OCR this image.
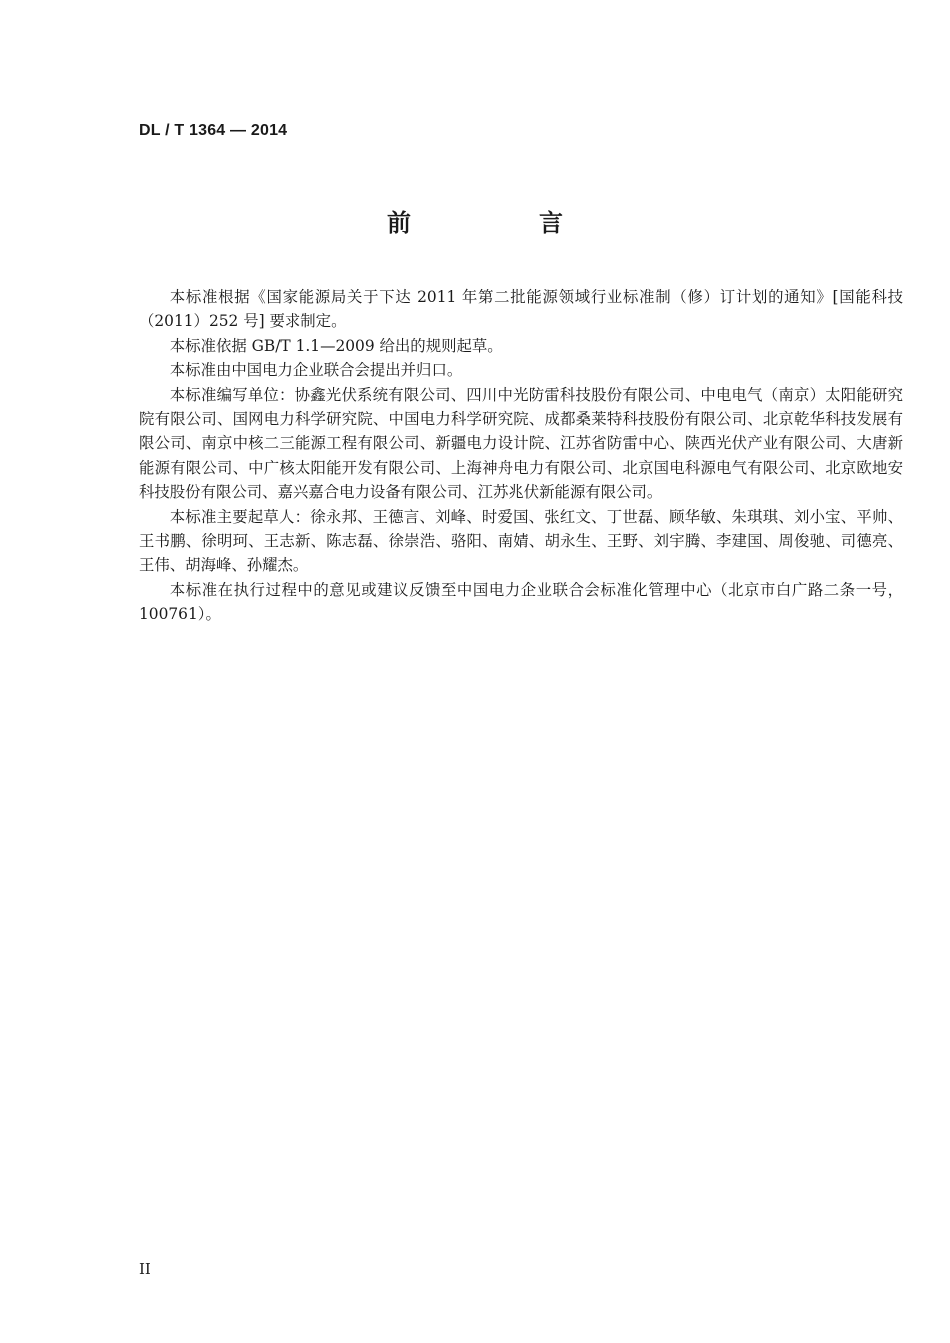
DL / T 1364 — 2014
前　言

本标准根据《国家能源局关于下达 2011 年第二批能源领域行业标准制（修）订计划的通知》[国能科技（2011）252 号] 要求制定。

本标准依据 GB/T 1.1—2009 给出的规则起草。

本标准由中国电力企业联合会提出并归口。

本标准编写单位：协鑫光伏系统有限公司、四川中光防雷科技股份有限公司、中电电气（南京）太阳能研究院有限公司、国网电力科学研究院、中国电力科学研究院、成都桑莱特科技股份有限公司、北京乾华科技发展有限公司、南京中核二三能源工程有限公司、新疆电力设计院、江苏省防雷中心、陕西光伏产业有限公司、大唐新能源有限公司、中广核太阳能开发有限公司、上海神舟电力有限公司、北京国电科源电气有限公司、北京欧地安科技股份有限公司、嘉兴嘉合电力设备有限公司、江苏兆伏新能源有限公司。

本标准主要起草人：徐永邦、王德言、刘峰、时爱国、张红文、丁世磊、顾华敏、朱琪琪、刘小宝、平帅、王书鹏、徐明珂、王志新、陈志磊、徐崇浩、骆阳、南婧、胡永生、王野、刘宇腾、李建国、周俊驰、司德亮、王伟、胡海峰、孙耀杰。

本标准在执行过程中的意见或建议反馈至中国电力企业联合会标准化管理中心（北京市白广路二条一号，100761）。

II
